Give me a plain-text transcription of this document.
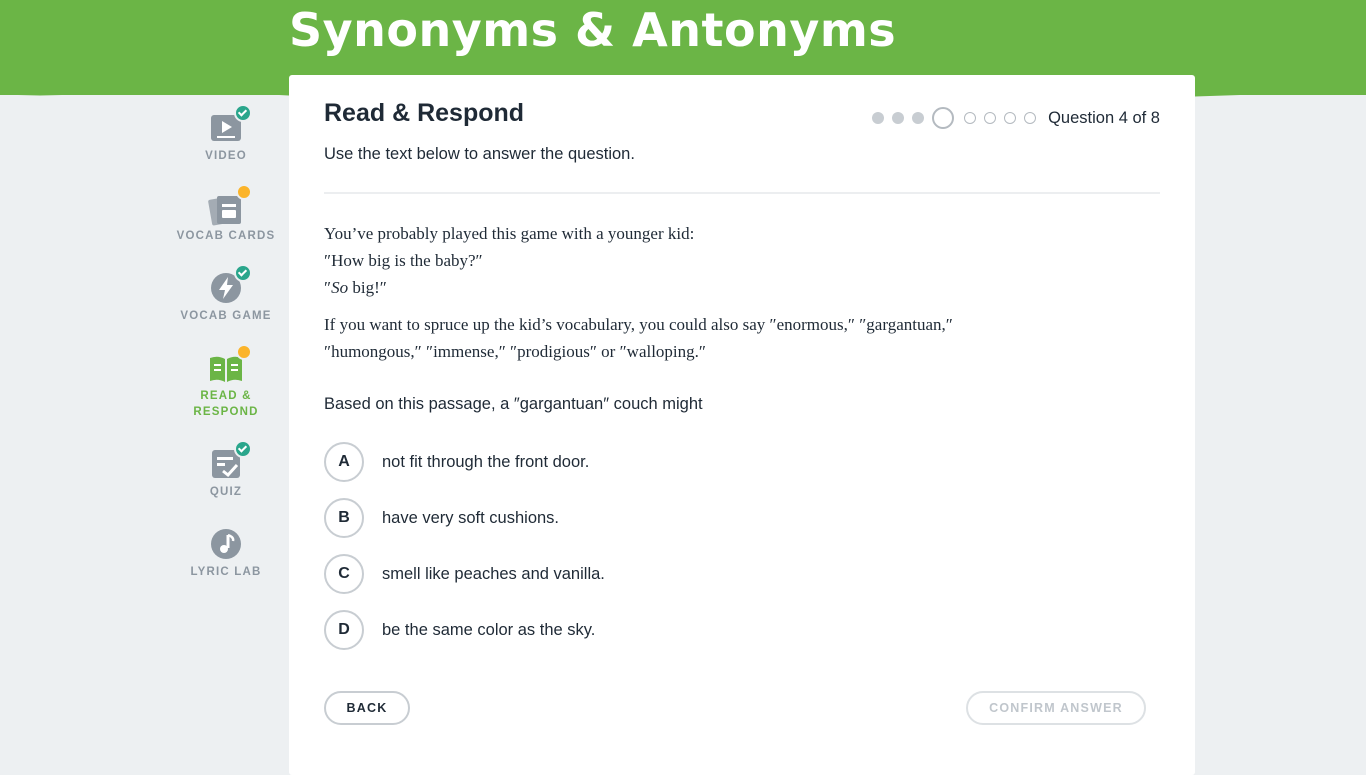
Synonyms & Antonyms
VIDEO
VOCAB CARDS
VOCAB GAME
READ &
RESPOND
QUIZ
LYRIC LAB
Read & Respond
Use the text below to answer the question.
Question 4 of 8

You’ve probably played this game with a younger kid:

″How big is the baby?″

″So big!″

If you want to spruce up the kid’s vocabulary, you could also say ″enormous,″ ″gargantuan,″

″humongous,″ ″immense,″ ″prodigious″ or ″walloping.″

Based on this passage, a ″gargantuan″ couch might
A	not fit through the front door.
B	have very soft cushions.
C	smell like peaches and vanilla.
D	be the same color as the sky.
BACK	CONFIRM ANSWER
